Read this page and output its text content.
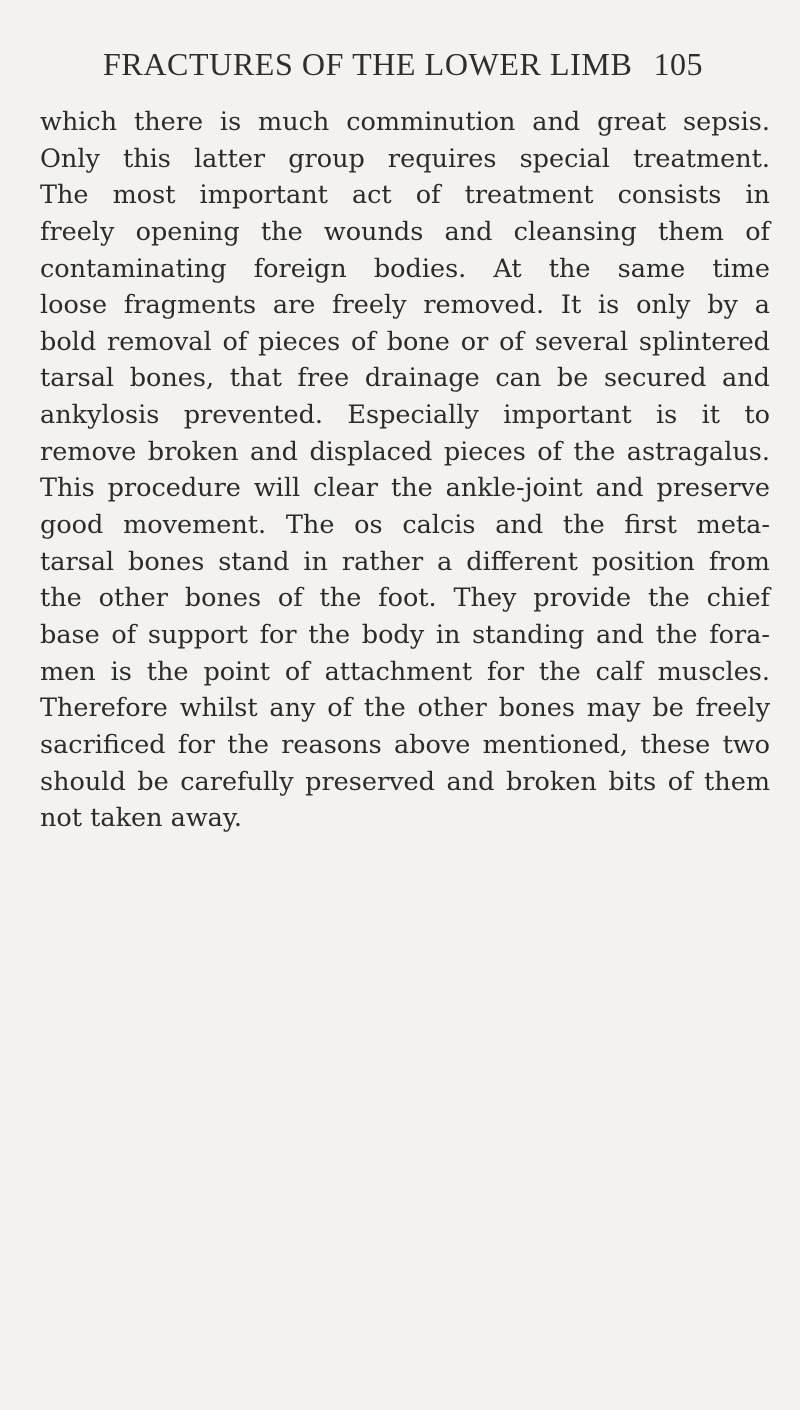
FRACTURES OF THE LOWER LIMB 105
which there is much comminution and great sepsis.
Only this latter group requires special treatment.
The most important act of treatment consists in
freely opening the wounds and cleansing them of
contaminating foreign bodies. At the same time
loose fragments are freely removed. It is only by a
bold removal of pieces of bone or of several splintered
tarsal bones, that free drainage can be secured and
ankylosis prevented. Especially important is it to
remove broken and displaced pieces of the astragalus.
This procedure will clear the ankle-joint and preserve
good movement. The os calcis and the first meta-
tarsal bones stand in rather a different position from
the other bones of the foot. They provide the chief
base of support for the body in standing and the fora-
men is the point of attachment for the calf muscles.
Therefore whilst any of the other bones may be freely
sacrificed for the reasons above mentioned, these two
should be carefully preserved and broken bits of them
not taken away.
